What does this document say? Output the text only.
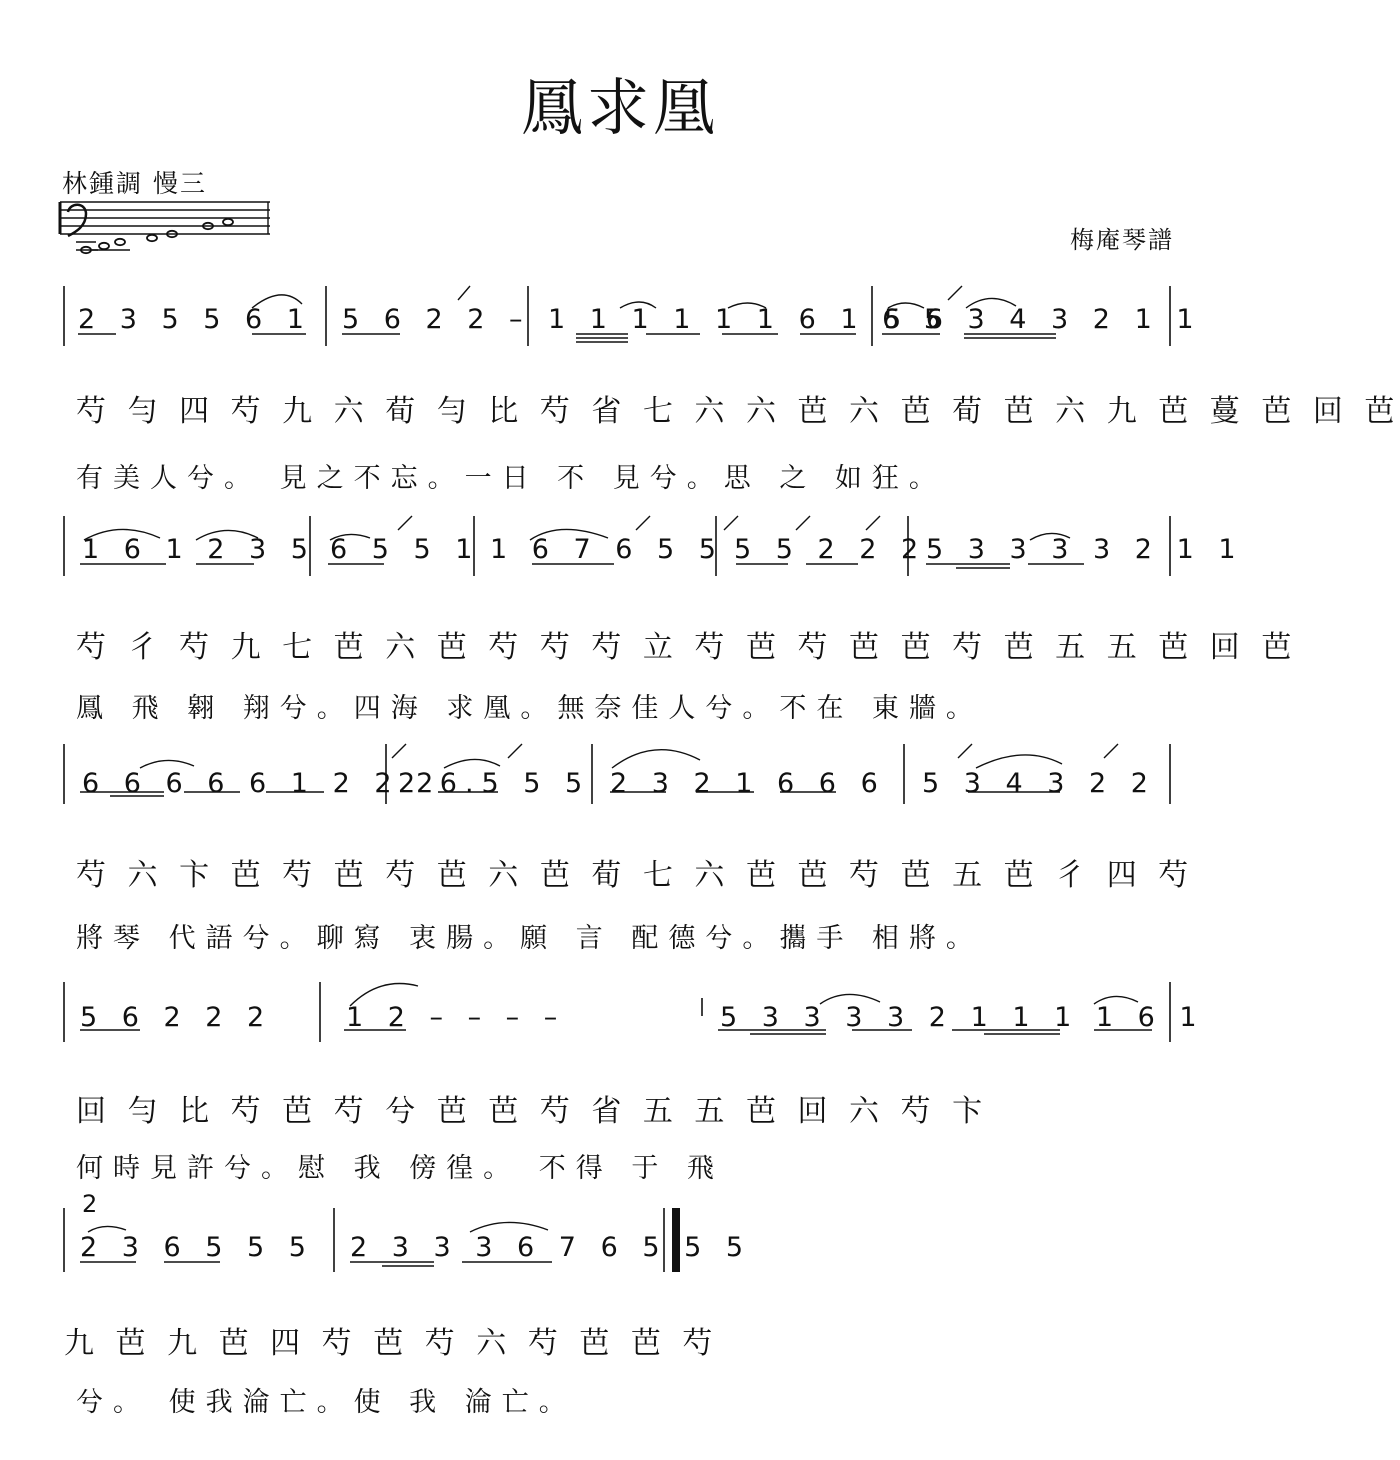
鳳求凰
林鍾調 慢三
梅庵琴譜
2 3 5 5 6 1 5 6 2 2 – 1 1 1 1 1 1 6 1 6 5
5 6 3 4 3 2 1 1
芍 勻 四 芍 九 六 荀 勻 比 芍 省 七 六 六 芭 六 芭 荀 芭 六 九 芭 蔓 芭 回 芭
有美人兮。 見之不忘。一日 不 見兮。思 之 如狂。
1 6 1 2 3 5 6 5 5 1 1 6 7 6 5 5 5 5 2 2 2 5 3 3 3 3 2 1 1
芍 彳 芍 九 七 芭 六 芭 芍 芍 芍 立 芍 芭 芍 芭 芭 芍 芭 五 五 芭 回 芭
鳳 飛 翱 翔兮。四海 求凰。無奈佳人兮。不在 東牆。
6 6 6 6 6 1 2 2 2
2 6.5 5 5 2 3 2 1 6 6 6 5 3 4 3 2 2
芍 六 卞 芭 芍 芭 芍 芭 六 芭 荀 七 六 芭 芭 芍 芭 五 芭 彳 四 芍
將琴 代語兮。聊寫 衷腸。願 言 配德兮。攜手 相將。
5 6 2 2 2	1 2 – – – –	5 3 3 3 3 2 1 1 1 1 6 1
回 勻 比 芍 芭 芍 兮 芭 芭 芍 省 五 五 芭 回 六 芍 卞
何時見許兮。慰 我 傍徨。 不得 于 飛
2
2 3 6 5 5 5 2 3 3 3 6 7 6 5 5 5
九 芭 九 芭 四 芍 芭 芍 六 芍 芭 芭 芍
兮。 使我淪亡。使 我 淪亡。
